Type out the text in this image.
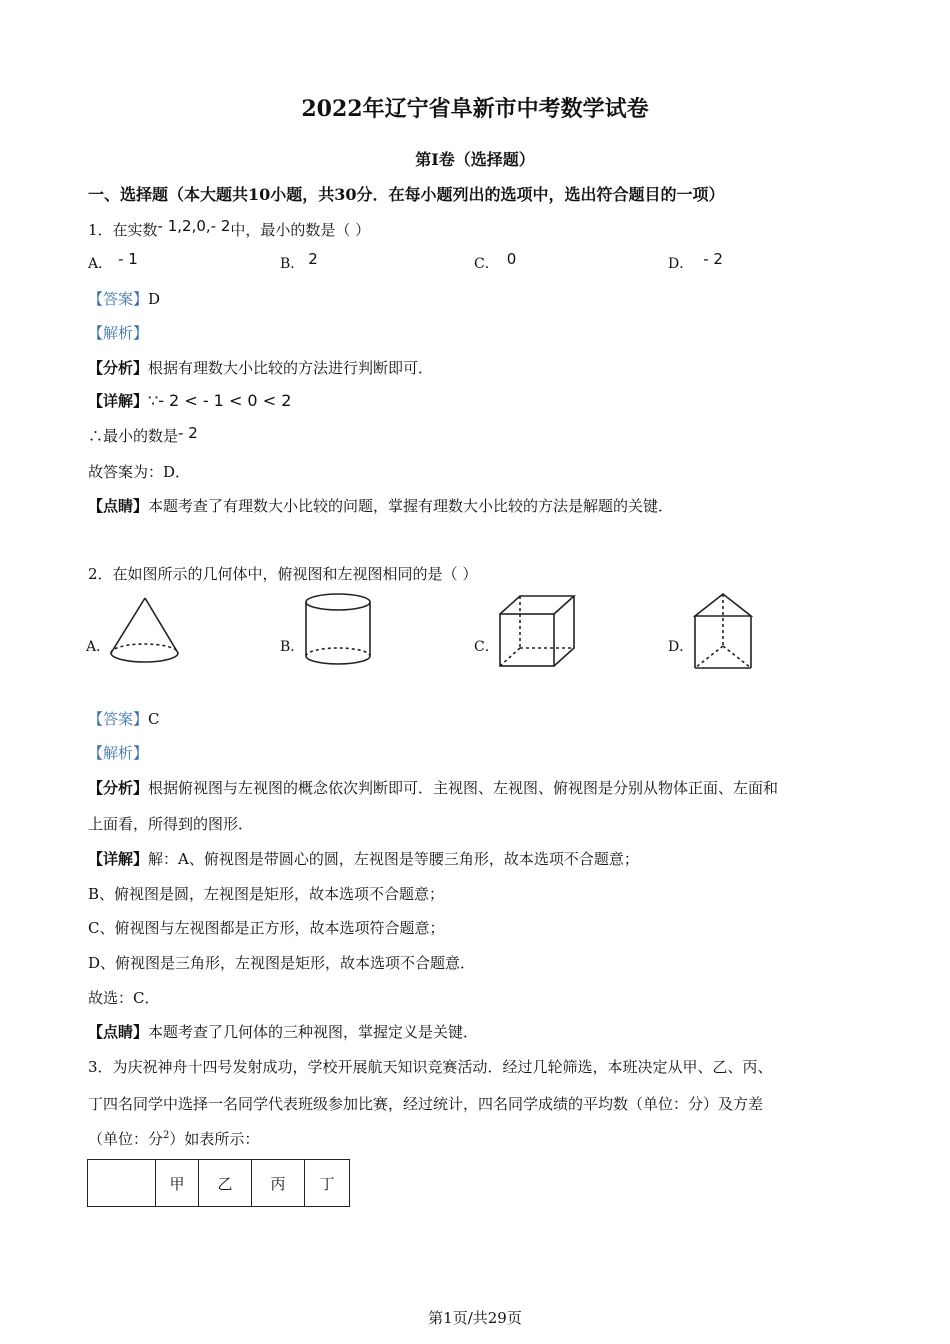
2022年辽宁省阜新市中考数学试卷
第Ⅰ卷（选择题）
一、选择题（本大题共10小题，共30分．在每小题列出的选项中，选出符合题目的一项）
1．在实数- 1,2,0,- 2中，最小的数是（ ）
A． - 1	B． 2	C． 0	D． - 2
【答案】D
【解析】
【分析】根据有理数大小比较的方法进行判断即可．
【详解】∵- 2 < - 1 < 0 < 2
∴最小的数是- 2
故答案为：D．
【点睛】本题考查了有理数大小比较的问题，掌握有理数大小比较的方法是解题的关键．
2．在如图所示的几何体中，俯视图和左视图相同的是（ ）
A．	B．	C．	D．
【答案】C
【解析】
【分析】根据俯视图与左视图的概念依次判断即可．主视图、左视图、俯视图是分别从物体正面、左面和
上面看，所得到的图形．
【详解】解：A、俯视图是带圆心的圆，左视图是等腰三角形，故本选项不合题意；
B、俯视图是圆，左视图是矩形，故本选项不合题意；
C、俯视图与左视图都是正方形，故本选项符合题意；
D、俯视图是三角形，左视图是矩形，故本选项不合题意．
故选：C．
【点睛】本题考查了几何体的三种视图，掌握定义是关键．
3．为庆祝神舟十四号发射成功，学校开展航天知识竞赛活动．经过几轮筛选，本班决定从甲、乙、丙、
丁四名同学中选择一名同学代表班级参加比赛，经过统计，四名同学成绩的平均数（单位：分）及方差
（单位：分$^2$）如表所示：
	甲	乙	丙	丁
第1页/共29页
